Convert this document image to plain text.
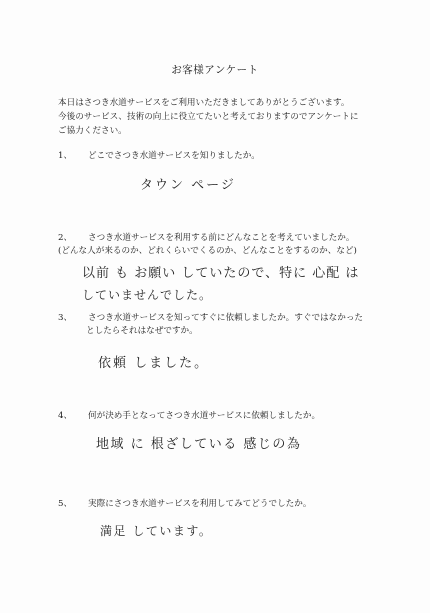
お客様アンケート
本日はさつき水道サービスをご利用いただきましてありがとうございます。
今後のサービス、技術の向上に役立てたいと考えておりますのでアンケートに
ご協力ください。
1、 どこでさつき水道サービスを知りましたか。
タウン ページ
2、 さつき水道サービスを利用する前にどんなことを考えていましたか。
(どんな人が来るのか、どれくらいでくるのか、どんなことをするのか、など)
以前 も お願い していたので、特に 心配 は
していませんでした。
3、 さつき水道サービスを知ってすぐに依頼しましたか。すぐではなかった
としたらそれはなぜですか。
依頼 しました。
4、 何が決め手となってさつき水道サービスに依頼しましたか。
地域 に 根ざしている 感じの為
5、 実際にさつき水道サービスを利用してみてどうでしたか。
満足 しています。
